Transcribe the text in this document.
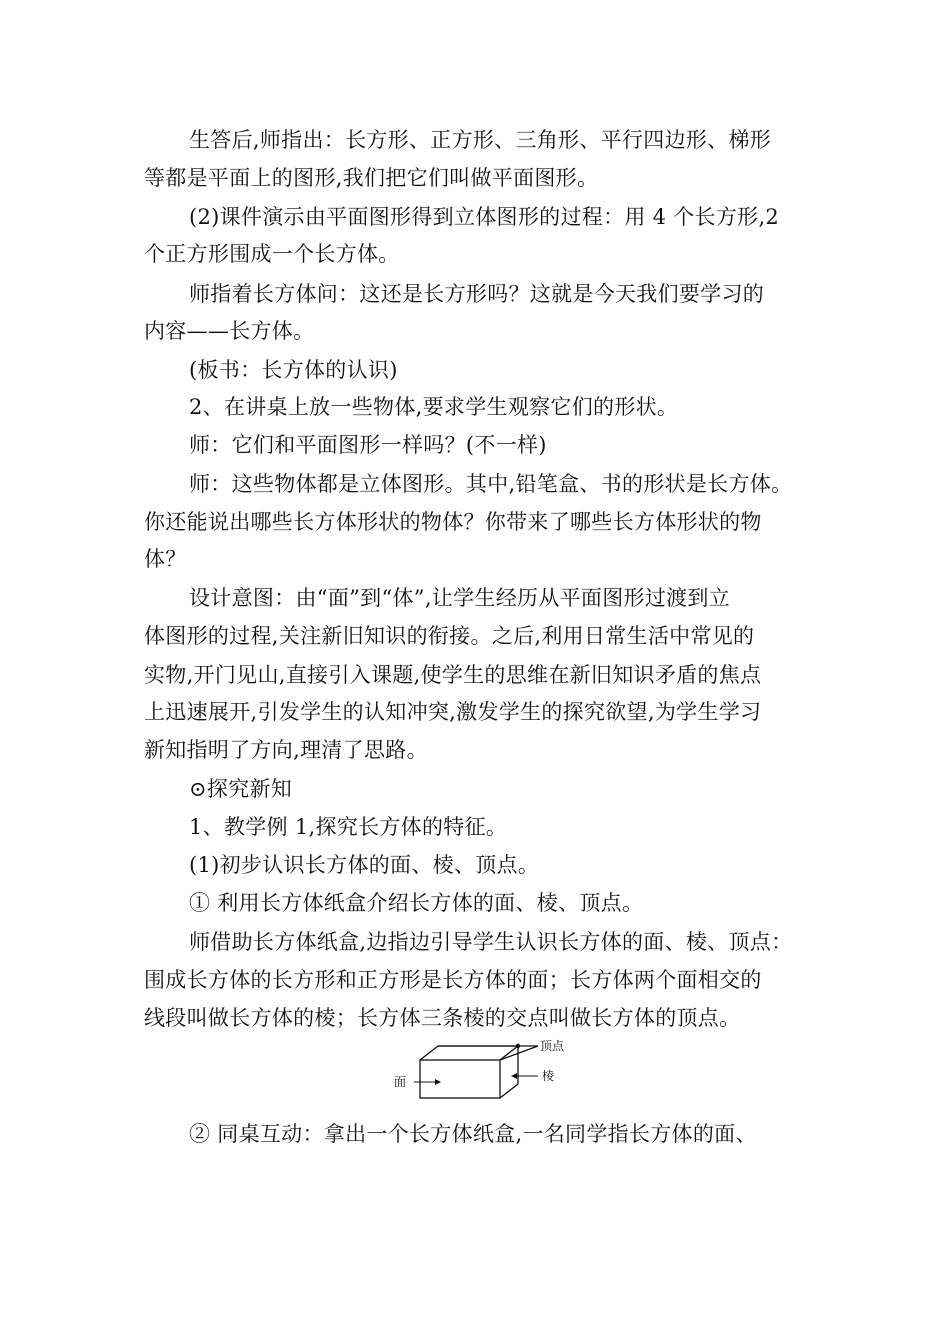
生答后,师指出：长方形、正方形、三角形、平行四边形、梯形
等都是平面上的图形,我们把它们叫做平面图形。
(2)课件演示由平面图形得到立体图形的过程：用 4 个长方形,2
个正方形围成一个长方体。
师指着长方体问：这还是长方形吗？这就是今天我们要学习的
内容——长方体。
(板书：长方体的认识)
2、在讲桌上放一些物体,要求学生观察它们的形状。
师：它们和平面图形一样吗？(不一样)
师：这些物体都是立体图形。其中,铅笔盒、书的形状是长方体。
你还能说出哪些长方体形状的物体？你带来了哪些长方体形状的物
体？
设计意图：由“面”到“体”,让学生经历从平面图形过渡到立
体图形的过程,关注新旧知识的衔接。之后,利用日常生活中常见的
实物,开门见山,直接引入课题,使学生的思维在新旧知识矛盾的焦点
上迅速展开,引发学生的认知冲突,激发学生的探究欲望,为学生学习
新知指明了方向,理清了思路。
⊙探究新知
1、教学例 1,探究长方体的特征。
(1)初步认识长方体的面、棱、顶点。
① 利用长方体纸盒介绍长方体的面、棱、顶点。
师借助长方体纸盒,边指边引导学生认识长方体的面、棱、顶点：
围成长方体的长方形和正方形是长方体的面；长方体两个面相交的
线段叫做长方体的棱；长方体三条棱的交点叫做长方体的顶点。
顶点
棱
面
② 同桌互动：拿出一个长方体纸盒,一名同学指长方体的面、
